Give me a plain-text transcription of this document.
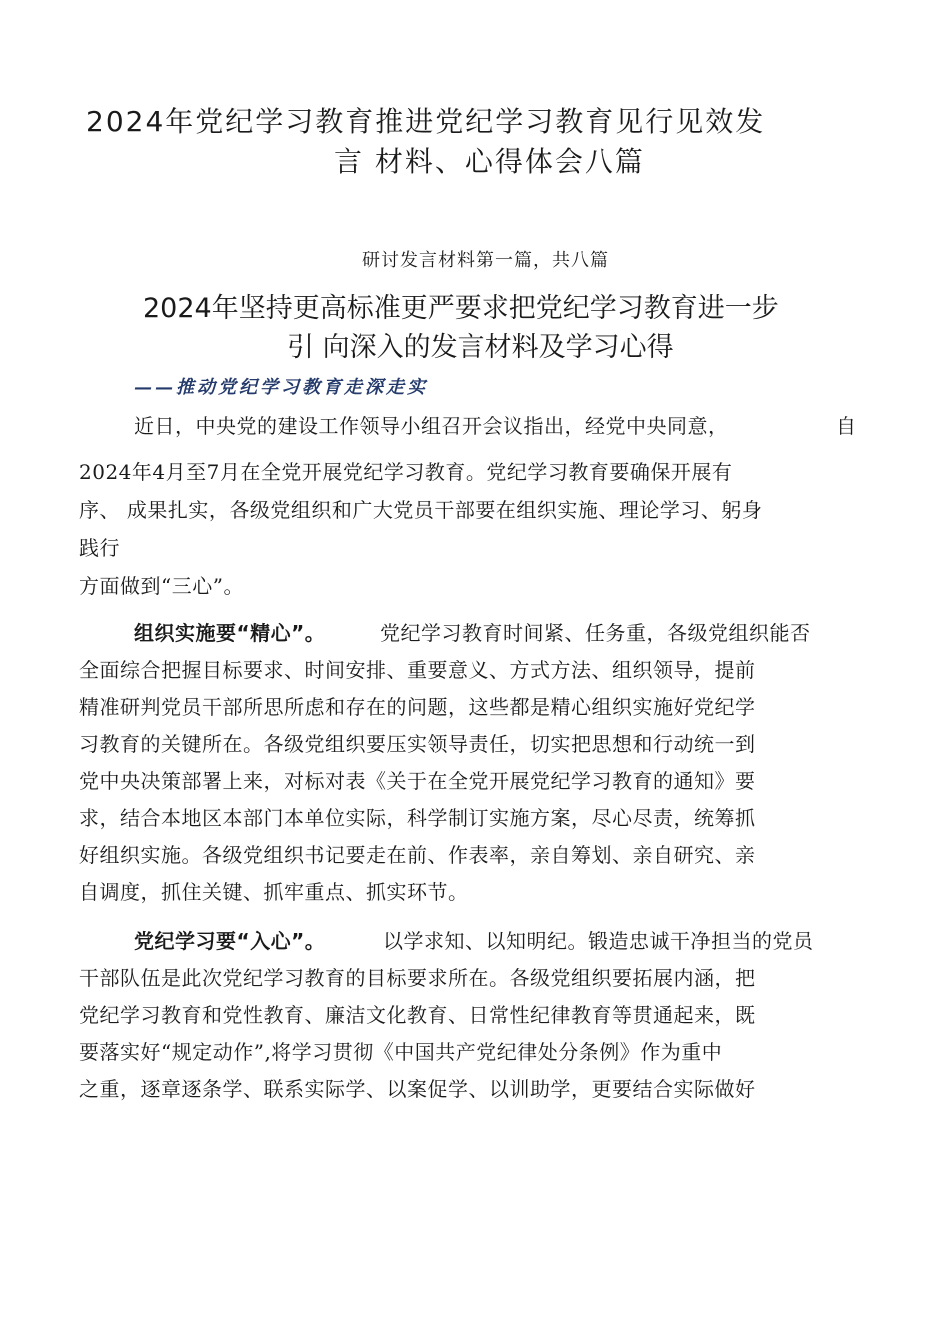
2024年党纪学习教育推进党纪学习教育见行见效发
言 材料、心得体会八篇
研讨发言材料第一篇，共八篇
2024年坚持更高标准更严要求把党纪学习教育进一步
引 向深入的发言材料及学习心得
——推动党纪学习教育走深走实
近日，中央党的建设工作领导小组召开会议指出，经党中央同意，	自
2024年4月至7月在全党开展党纪学习教育。党纪学习教育要确保开展有
序、 成果扎实，各级党组织和广大党员干部要在组织实施、理论学习、躬身
践行
方面做到“三心”。
组织实施要“精心”。	党纪学习教育时间紧、任务重，各级党组织能否
全面综合把握目标要求、时间安排、重要意义、方式方法、组织领导，提前
精准研判党员干部所思所虑和存在的问题，这些都是精心组织实施好党纪学
习教育的关键所在。各级党组织要压实领导责任，切实把思想和行动统一到
党中央决策部署上来，对标对表《关于在全党开展党纪学习教育的通知》要
求，结合本地区本部门本单位实际，科学制订实施方案，尽心尽责，统筹抓
好组织实施。各级党组织书记要走在前、作表率，亲自筹划、亲自研究、亲
自调度，抓住关键、抓牢重点、抓实环节。
党纪学习要“入心”。	以学求知、以知明纪。锻造忠诚干净担当的党员
干部队伍是此次党纪学习教育的目标要求所在。各级党组织要拓展内涵，把
党纪学习教育和党性教育、廉洁文化教育、日常性纪律教育等贯通起来，既
要落实好“规定动作”,将学习贯彻《中国共产党纪律处分条例》作为重中
之重，逐章逐条学、联系实际学、以案促学、以训助学，更要结合实际做好
